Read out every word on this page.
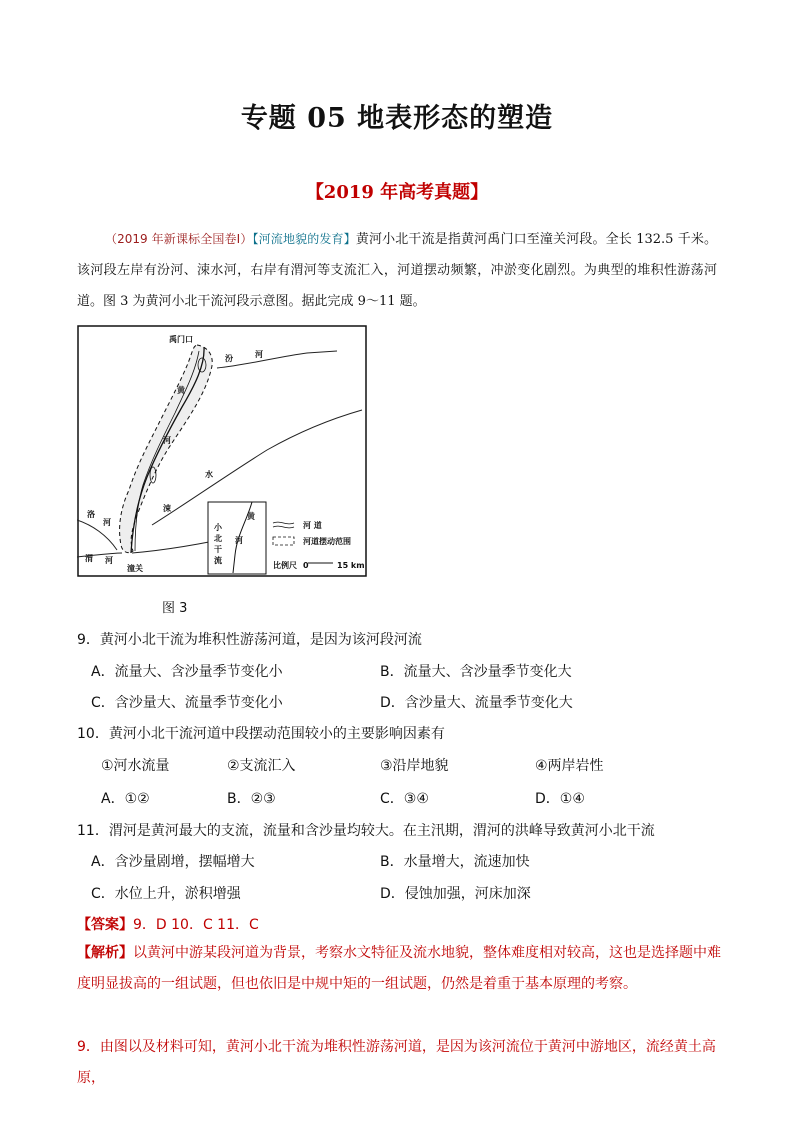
专题 05 地表形态的塑造
【2019 年高考真题】
（2019 年新课标全国卷Ⅰ）【河流地貌的发育】黄河小北干流是指黄河禹门口至潼关河段。全长 132.5 千米。该河段左岸有汾河、涑水河，右岸有渭河等支流汇入，河道摆动频繁，冲淤变化剧烈。为典型的堆积性游荡河道。图 3 为黄河小北干流河段示意图。据此完成 9～11 题。
禹门口
汾	河
黄
河
水
涑
洛
河
渭 河
潼关
黄
河
小
北
干
流
河 道
河道摆动范围
比例尺 0	15 km
图 3
9．黄河小北干流为堆积性游荡河道，是因为该河段河流
A．流量大、含沙量季节变化小	B．流量大、含沙量季节变化大
C．含沙量大、流量季节变化小	D．含沙量大、流量季节变化大
10．黄河小北干流河道中段摆动范围较小的主要影响因素有
①河水流量	②支流汇入	③沿岸地貌	④两岸岩性
A．①②	B．②③	C．③④	D．①④
11．渭河是黄河最大的支流，流量和含沙量均较大。在主汛期，渭河的洪峰导致黄河小北干流
A．含沙量剧增，摆幅增大	B．水量增大，流速加快
C．水位上升，淤积增强	D．侵蚀加强，河床加深
【答案】9．D 10．C 11．C
【解析】以黄河中游某段河道为背景，考察水文特征及流水地貌，整体难度相对较高，这也是选择题中难度明显拔高的一组试题，但也依旧是中规中矩的一组试题，仍然是着重于基本原理的考察。
9．由图以及材料可知，黄河小北干流为堆积性游荡河道，是因为该河流位于黄河中游地区，流经黄土高原，
